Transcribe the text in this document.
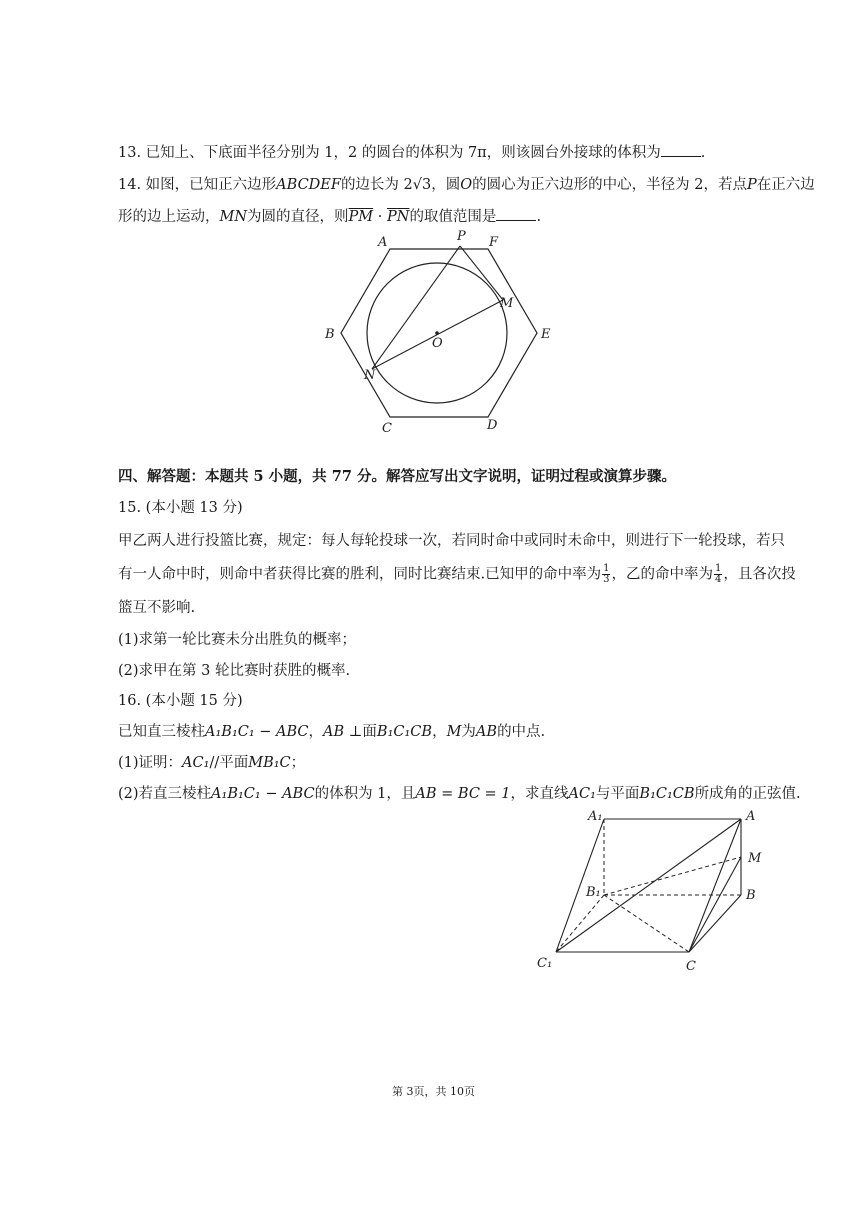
13. 已知上、下底面半径分别为 1，2 的圆台的体积为 7π，则该圆台外接球的体积为	.
14. 如图，已知正六边形ABCDEF的边长为 2√3，圆O的圆心为正六边形的中心，半径为 2，若点P在正六边
形的边上运动，MN为圆的直径，则$\overline{PM} \cdot \overline{PN}$的取值范围是	.
A	P F
M
B
O
E
N
C	D
四、解答题：本题共 5 小题，共 77 分。解答应写出文字说明，证明过程或演算步骤。
15. (本小题 13 分)
甲乙两人进行投篮比赛，规定：每人每轮投球一次，若同时命中或同时未命中，则进行下一轮投球，若只
有一人命中时，则命中者获得比赛的胜利，同时比赛结束.已知甲的命中率为 $\frac{1}{3}$ ，乙的命中率为 $\frac{1}{4}$ ，且各次投
篮互不影响.
(1)求第一轮比赛未分出胜负的概率；
(2)求甲在第 3 轮比赛时获胜的概率.
16. (本小题 15 分)
已知直三棱柱A₁B₁C₁ − ABC，AB ⊥面B₁C₁CB，M为AB的中点.
(1)证明：AC₁//平面MB₁C；
(2)若直三棱柱A₁B₁C₁ − ABC的体积为 1，且AB = BC = 1，求直线AC₁与平面B₁C₁CB所成角的正弦值.
A₁	A
M
B₁	B
C₁	C
第 3页，共 10页
